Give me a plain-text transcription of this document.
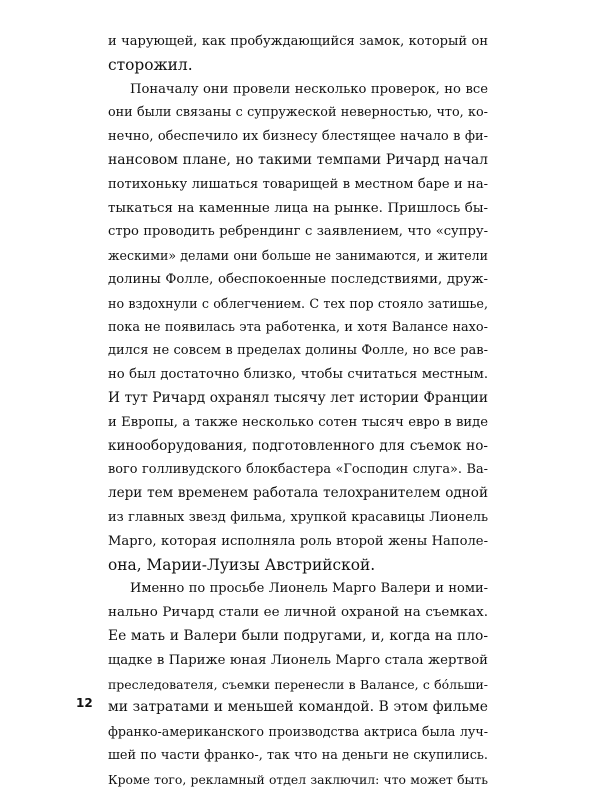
и чарующей, как пробуждающийся замок, который он
сторожил.
Поначалу они провели несколько проверок, но все
они были связаны с супружеской неверностью, что, ко-
нечно, обеспечило их бизнесу блестящее начало в фи-
нансовом плане, но такими темпами Ричард начал
потихоньку лишаться товарищей в местном баре и на-
тыкаться на каменные лица на рынке. Пришлось бы-
стро проводить ребрендинг с заявлением, что «супру-
жескими» делами они больше не занимаются, и жители
долины Фолле, обеспокоенные последствиями, друж-
но вздохнули с облегчением. С тех пор стояло затишье,
пока не появилась эта работенка, и хотя Валансе нахо-
дился не совсем в пределах долины Фолле, но все рав-
но был достаточно близко, чтобы считаться местным.
И тут Ричард охранял тысячу лет истории Франции
и Европы, а также несколько сотен тысяч евро в виде
кинооборудования, подготовленного для съемок но-
вого голливудского блокбастера «Господин слуга». Ва-
лери тем временем работала телохранителем одной
из главных звезд фильма, хрупкой красавицы Лионель
Марго, которая исполняла роль второй жены Наполе-
она, Марии-Луизы Австрийской.
Именно по просьбе Лионель Марго Валери и номи-
нально Ричард стали ее личной охраной на съемках.
Ее мать и Валери были подругами, и, когда на пло-
щадке в Париже юная Лионель Марго стала жертвой
преследователя, съемки перенесли в Валансе, с бóльши-
ми затратами и меньшей командой. В этом фильме
франко-американского производства актриса была луч-
шей по части франко-, так что на деньги не скупились.
Кроме того, рекламный отдел заключил: что может быть
12
